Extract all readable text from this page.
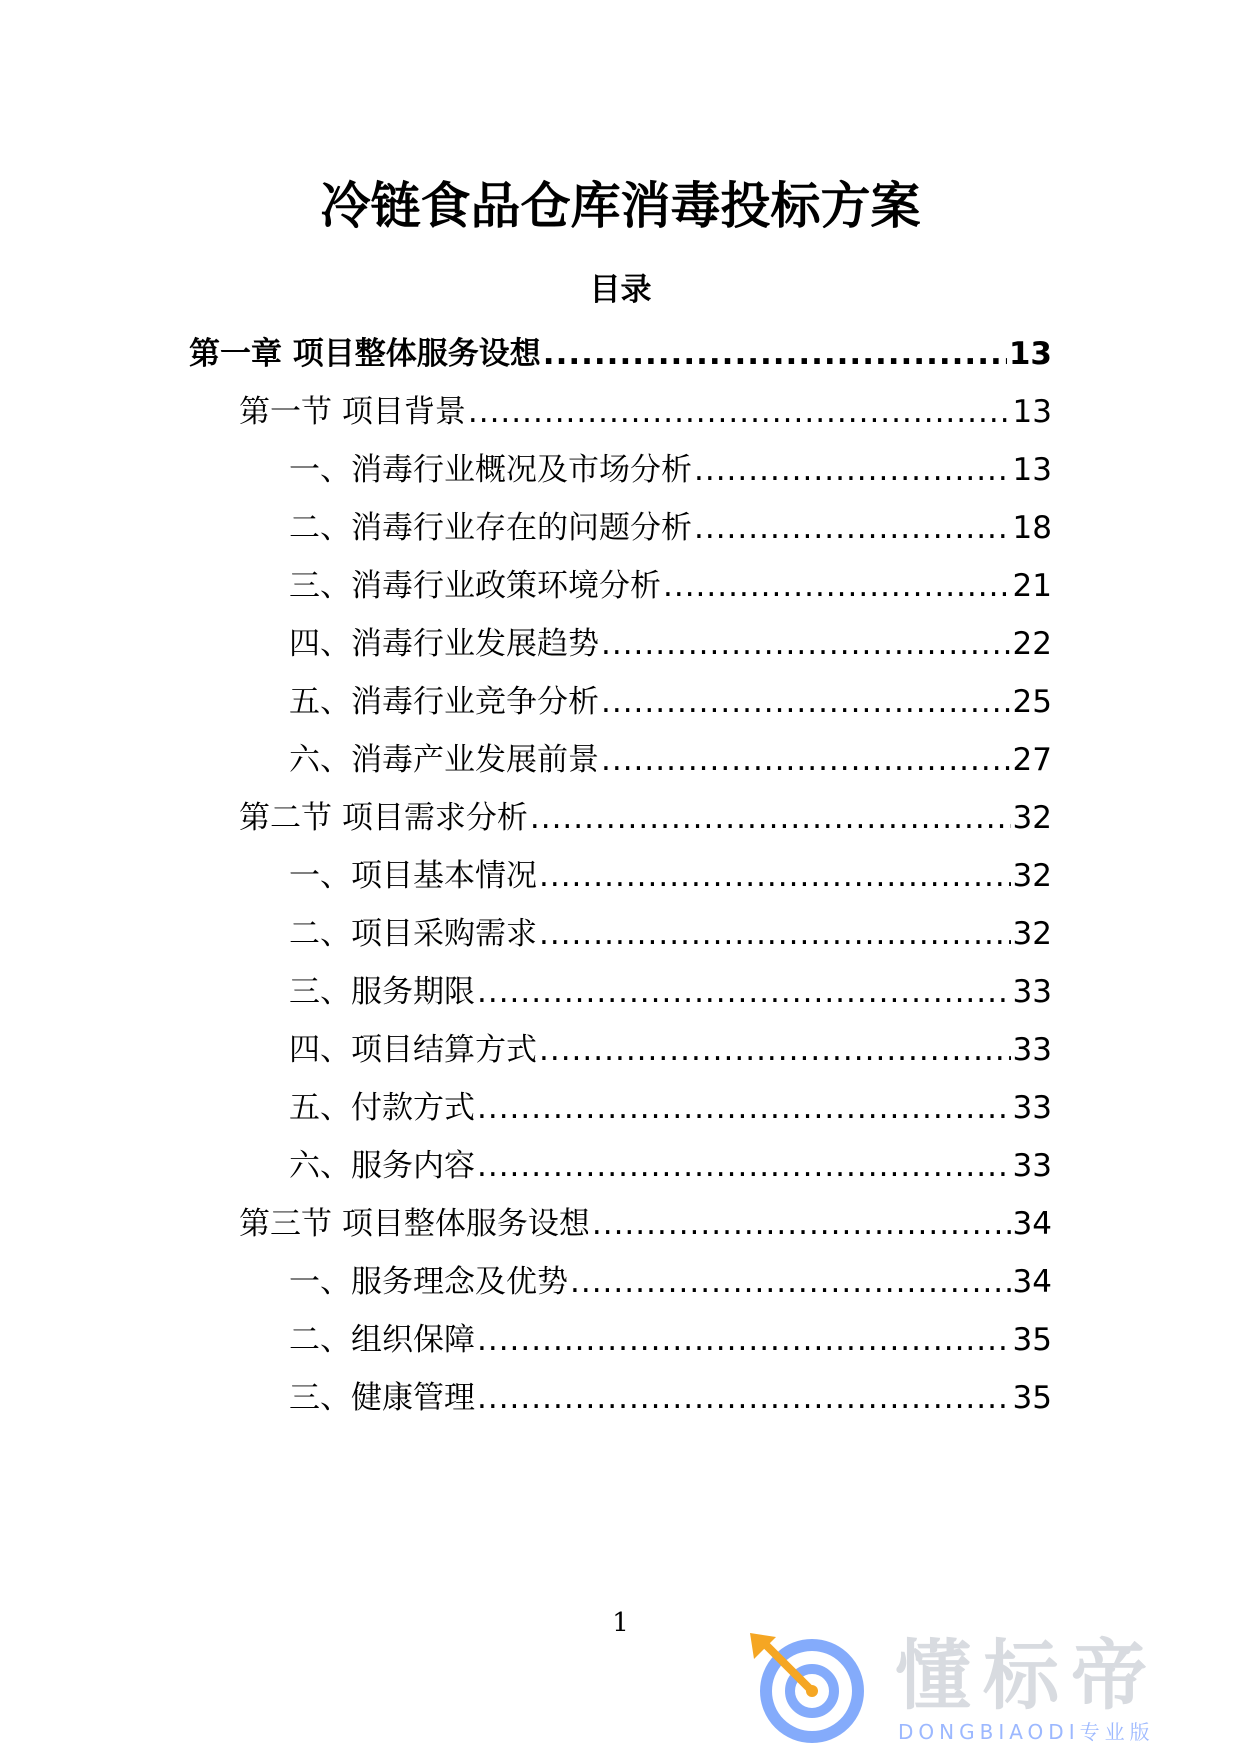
冷链食品仓库消毒投标方案
目录
第一章 项目整体服务设想 .....	13
第一节 项目背景 .....	13
一、消毒行业概况及市场分析 .....	13
二、消毒行业存在的问题分析 .....	18
三、消毒行业政策环境分析 .....	21
四、消毒行业发展趋势 .....	22
五、消毒行业竞争分析 .....	25
六、消毒产业发展前景 .....	27
第二节 项目需求分析 .....	32
一、项目基本情况 .....	32
二、项目采购需求 .....	32
三、服务期限 .....	33
四、项目结算方式 .....	33
五、付款方式 .....	33
六、服务内容 .....	33
第三节 项目整体服务设想 .....	34
一、服务理念及优势 .....	34
二、组织保障 .....	35
三、健康管理 .....	35
1
懂标帝
DONGBIAODI专业版
